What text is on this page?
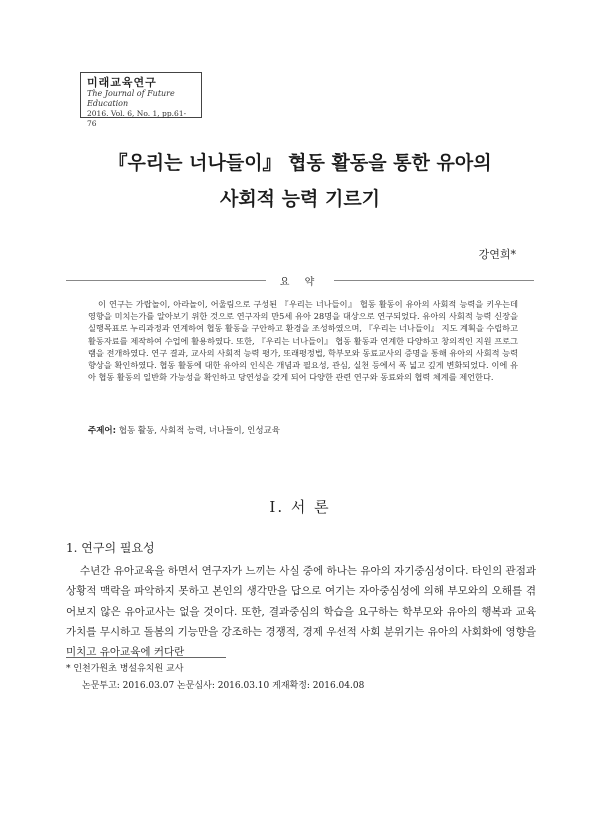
미래교육연구
The Journal of Future Education
2016. Vol. 6, No. 1, pp.61-76
『우리는 너나들이』 협동 활동을 통한 유아의
사회적 능력 기르기
강연희*
요 약
이 연구는 가랍놀이, 아라놀이, 어울림으로 구성된 『우리는 너나들이』 협동 활동이 유아의 사회적 능력을 키우는데 영향을 미치는가를 알아보기 위한 것으로 연구자의 만5세 유아 28명을 대상으로 연구되었다. 유아의 사회적 능력 신장을 실행목표로 누리과정과 연계하여 협동 활동을 구안하고 환경을 조성하였으며, 『우리는 너나들이』 지도 계획을 수립하고 활동자료를 제작하여 수업에 활용하였다. 또한, 『우리는 너나들이』 협동 활동과 연계한 다양하고 창의적인 지원 프로그램을 전개하였다. 연구 결과, 교사의 사회적 능력 평가, 또래평정법, 학부모와 동료교사의 증명을 통해 유아의 사회적 능력 향상을 확인하였다. 협동 활동에 대한 유아의 인식은 개념과 필요성, 관심, 실천 등에서 폭 넓고 깊게 변화되었다. 이에 유아 협동 활동의 일반화 가능성을 확인하고 당연성을 갖게 되어 다양한 관련 연구와 동료와의 협력 체계를 제언한다.
주제어: 협동 활동, 사회적 능력, 너나들이, 인성교육
I. 서 론
1. 연구의 필요성
수년간 유아교육을 하면서 연구자가 느끼는 사실 중에 하나는 유아의 자기중심성이다. 타인의 관점과 상황적 맥락을 파악하지 못하고 본인의 생각만을 답으로 여기는 자아중심성에 의해 부모와의 오해를 겪어보지 않은 유아교사는 없을 것이다. 또한, 결과중심의 학습을 요구하는 학부모와 유아의 행복과 교육 가치를 무시하고 돌봄의 기능만을 강조하는 경쟁적, 경제 우선적 사회 분위기는 유아의 사회화에 영향을 미치고 유아교육에 커다란
* 인천가원초 병설유치원 교사
논문투고: 2016.03.07 논문심사: 2016.03.10 게재확정: 2016.04.08
